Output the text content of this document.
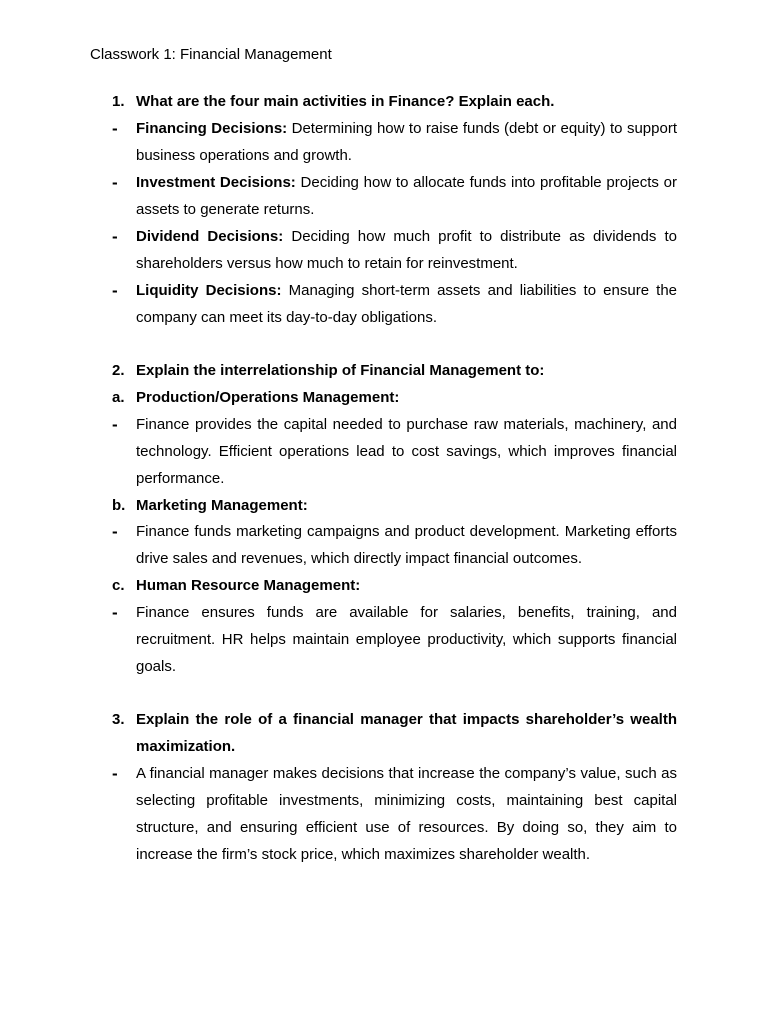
Classwork 1: Financial Management
1. What are the four main activities in Finance? Explain each.
- Financing Decisions: Determining how to raise funds (debt or equity) to support business operations and growth.
- Investment Decisions: Deciding how to allocate funds into profitable projects or assets to generate returns.
- Dividend Decisions: Deciding how much profit to distribute as dividends to shareholders versus how much to retain for reinvestment.
- Liquidity Decisions: Managing short-term assets and liabilities to ensure the company can meet its day-to-day obligations.
2. Explain the interrelationship of Financial Management to:
a. Production/Operations Management:
- Finance provides the capital needed to purchase raw materials, machinery, and technology. Efficient operations lead to cost savings, which improves financial performance.
b. Marketing Management:
- Finance funds marketing campaigns and product development. Marketing efforts drive sales and revenues, which directly impact financial outcomes.
c. Human Resource Management:
- Finance ensures funds are available for salaries, benefits, training, and recruitment. HR helps maintain employee productivity, which supports financial goals.
3. Explain the role of a financial manager that impacts shareholder’s wealth maximization.
- A financial manager makes decisions that increase the company’s value, such as selecting profitable investments, minimizing costs, maintaining best capital structure, and ensuring efficient use of resources. By doing so, they aim to increase the firm’s stock price, which maximizes shareholder wealth.
